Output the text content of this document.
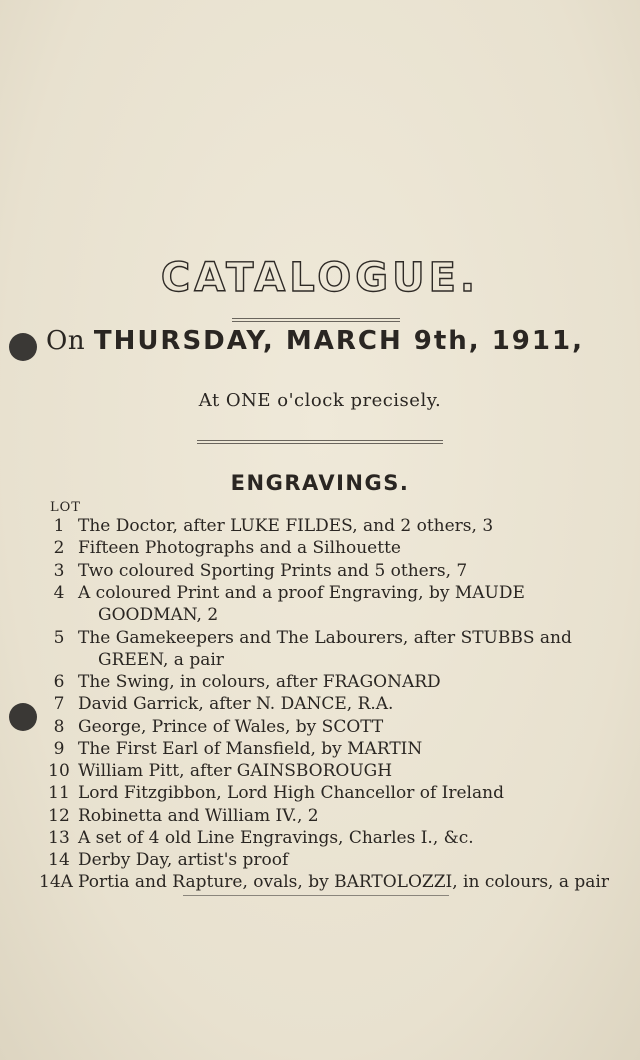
CATALOGUE.
On THURSDAY, MARCH 9th, 1911,
At ONE o'clock precisely.
ENGRAVINGS.
LOT
1 The Doctor, after LUKE FILDES, and 2 others, 3
2 Fifteen Photographs and a Silhouette
3 Two coloured Sporting Prints and 5 others, 7
4 A coloured Print and a proof Engraving, by MAUDE
GOODMAN, 2
5 The Gamekeepers and The Labourers, after STUBBS and
GREEN, a pair
6 The Swing, in colours, after FRAGONARD
7 David Garrick, after N. DANCE, R.A.
8 George, Prince of Wales, by SCOTT
9 The First Earl of Mansfield, by MARTIN
10 William Pitt, after GAINSBOROUGH
11 Lord Fitzgibbon, Lord High Chancellor of Ireland
12 Robinetta and William IV., 2
13 A set of 4 old Line Engravings, Charles I., &c.
14 Derby Day, artist's proof
14A Portia and Rapture, ovals, by BARTOLOZZI, in colours, a pair
